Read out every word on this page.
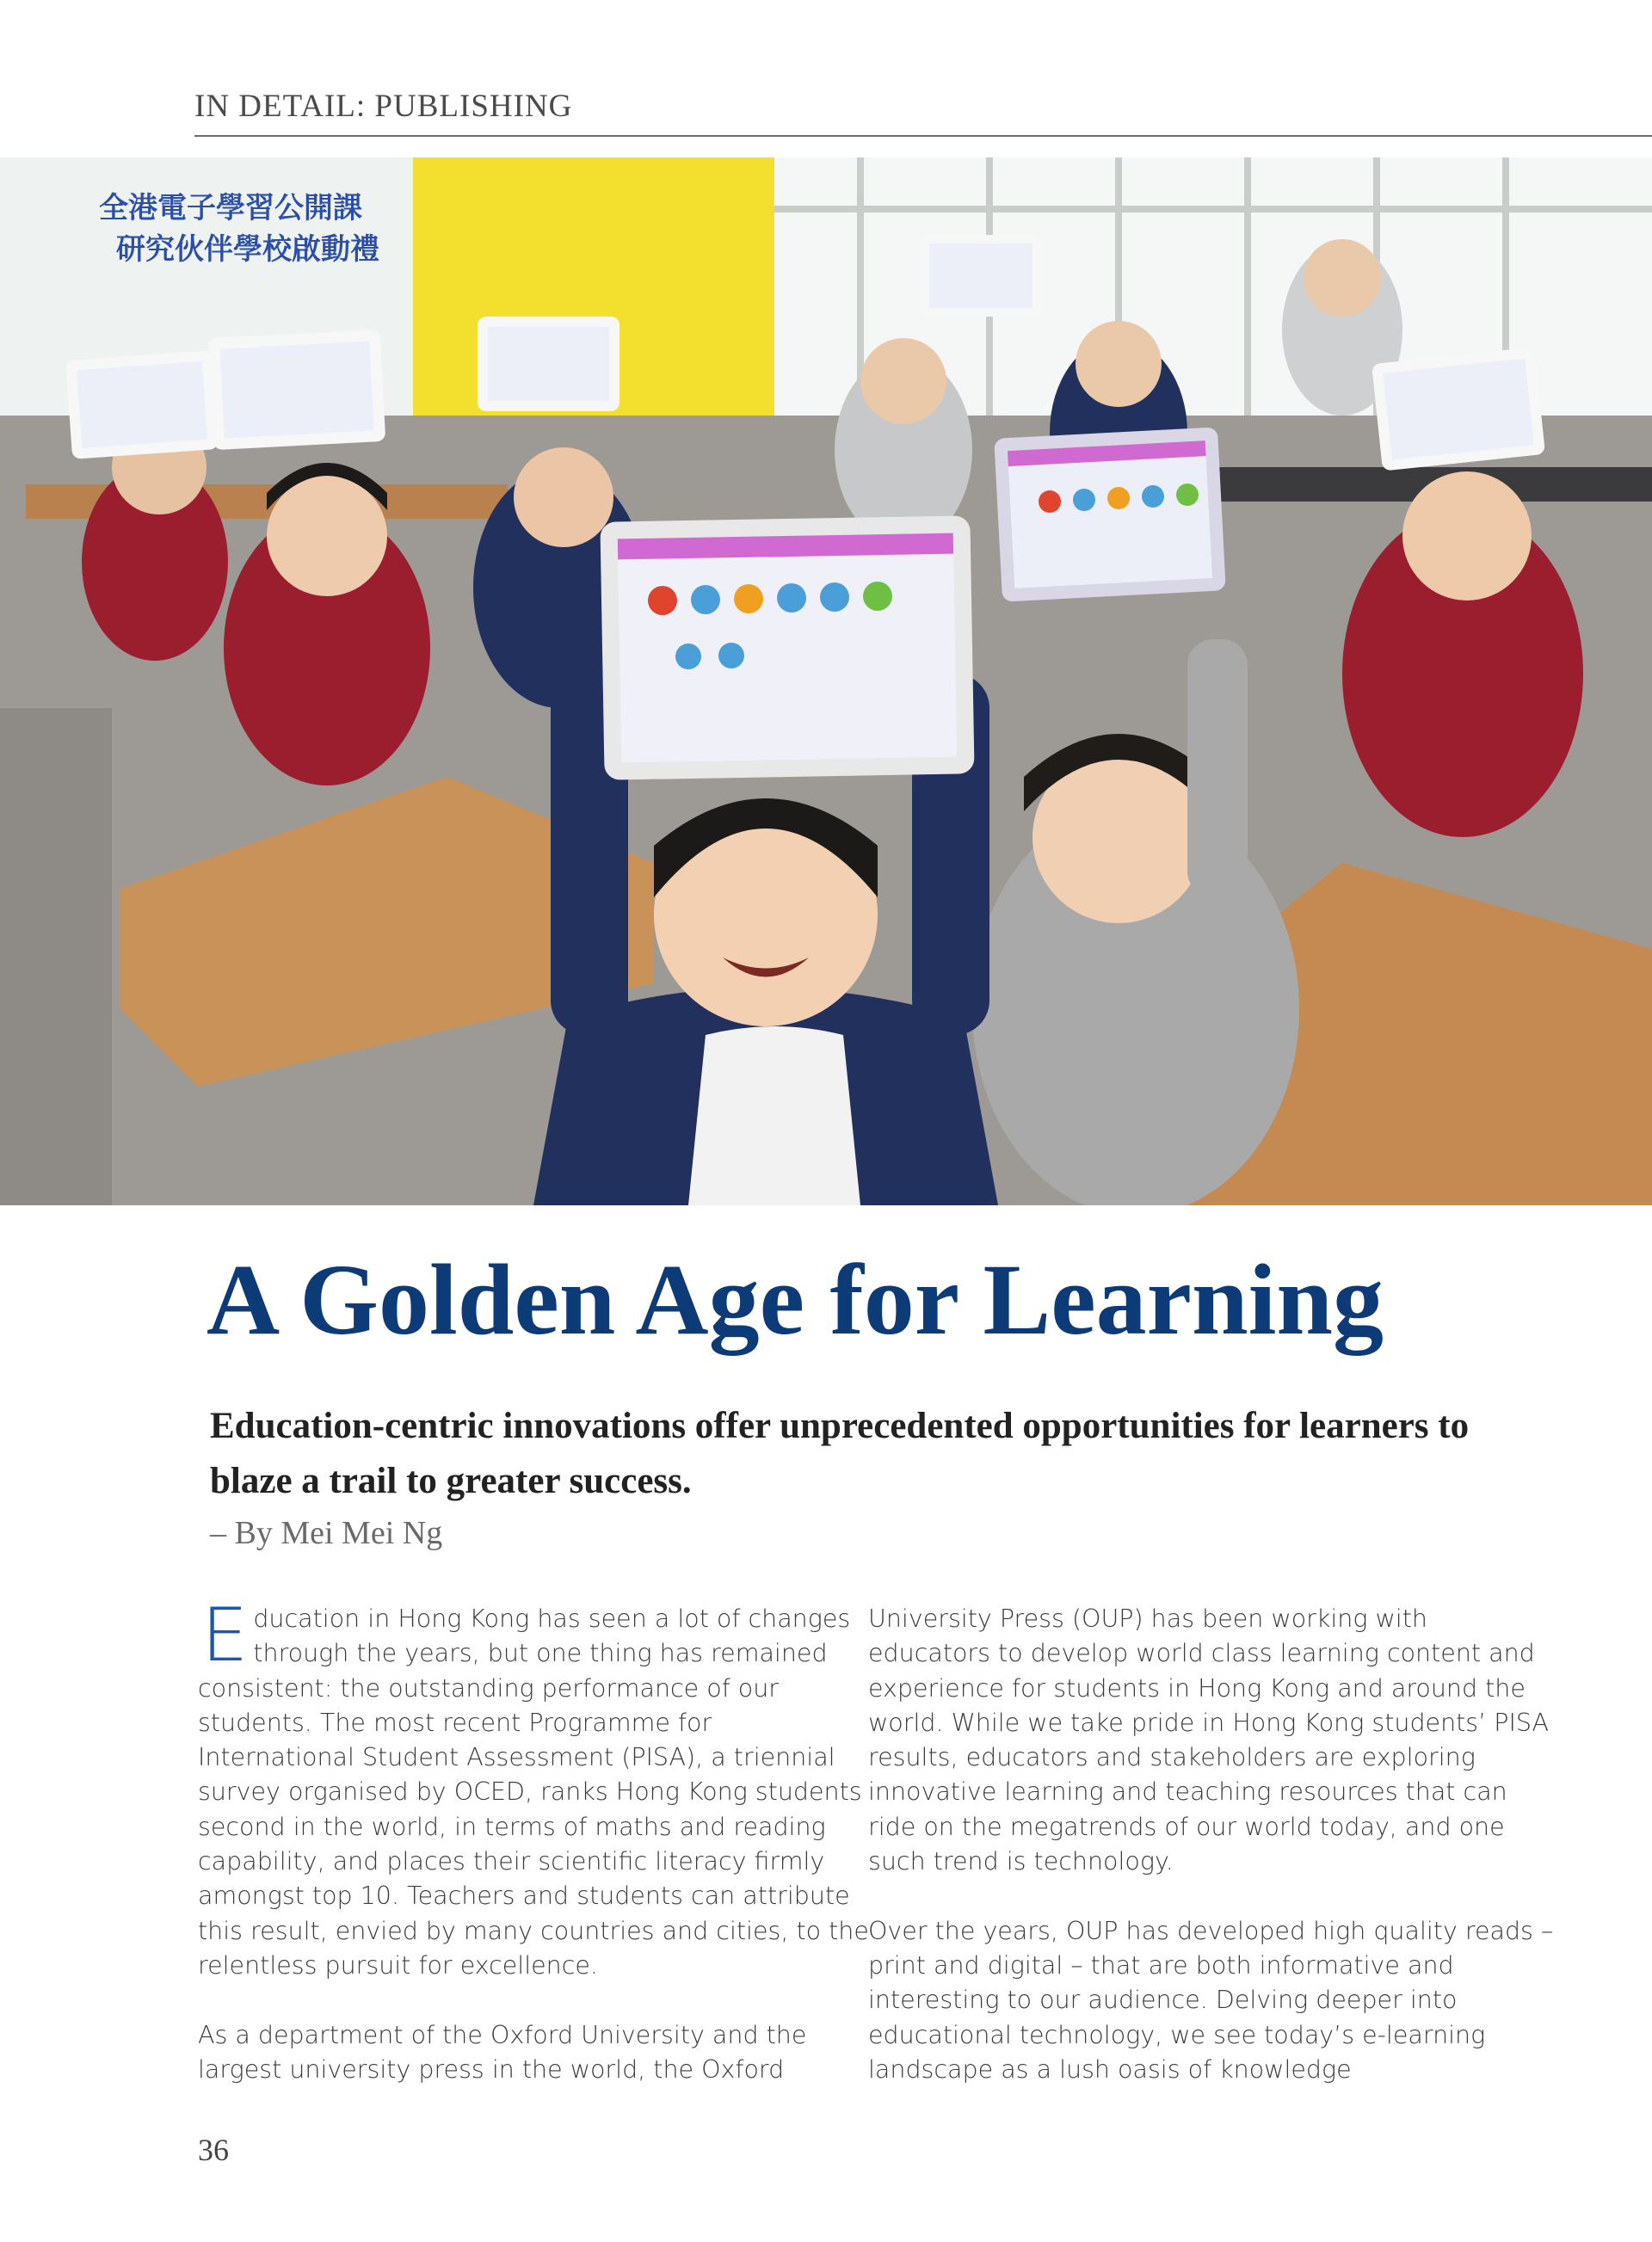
IN DETAIL: PUBLISHING

全港電子學習公開課
研究伙伴學校啟動禮
A Golden Age for Learning

Education-centric innovations offer unprecedented opportunities for learners to blaze a trail to greater success.

– By Mei Mei Ng

Education in Hong Kong has seen a lot of changes through the years, but one thing has remained consistent: the outstanding performance of our students. The most recent Programme for International Student Assessment (PISA), a triennial survey organised by OCED, ranks Hong Kong students second in the world, in terms of maths and reading capability, and places their scientific literacy firmly amongst top 10. Teachers and students can attribute this result, envied by many countries and cities, to the relentless pursuit for excellence.

As a department of the Oxford University and the largest university press in the world, the Oxford

University Press (OUP) has been working with educators to develop world class learning content and experience for students in Hong Kong and around the world. While we take pride in Hong Kong students’ PISA results, educators and stakeholders are exploring innovative learning and teaching resources that can ride on the megatrends of our world today, and one such trend is technology.

Over the years, OUP has developed high quality reads – print and digital – that are both informative and interesting to our audience. Delving deeper into educational technology, we see today’s e-learning landscape as a lush oasis of knowledge

36
